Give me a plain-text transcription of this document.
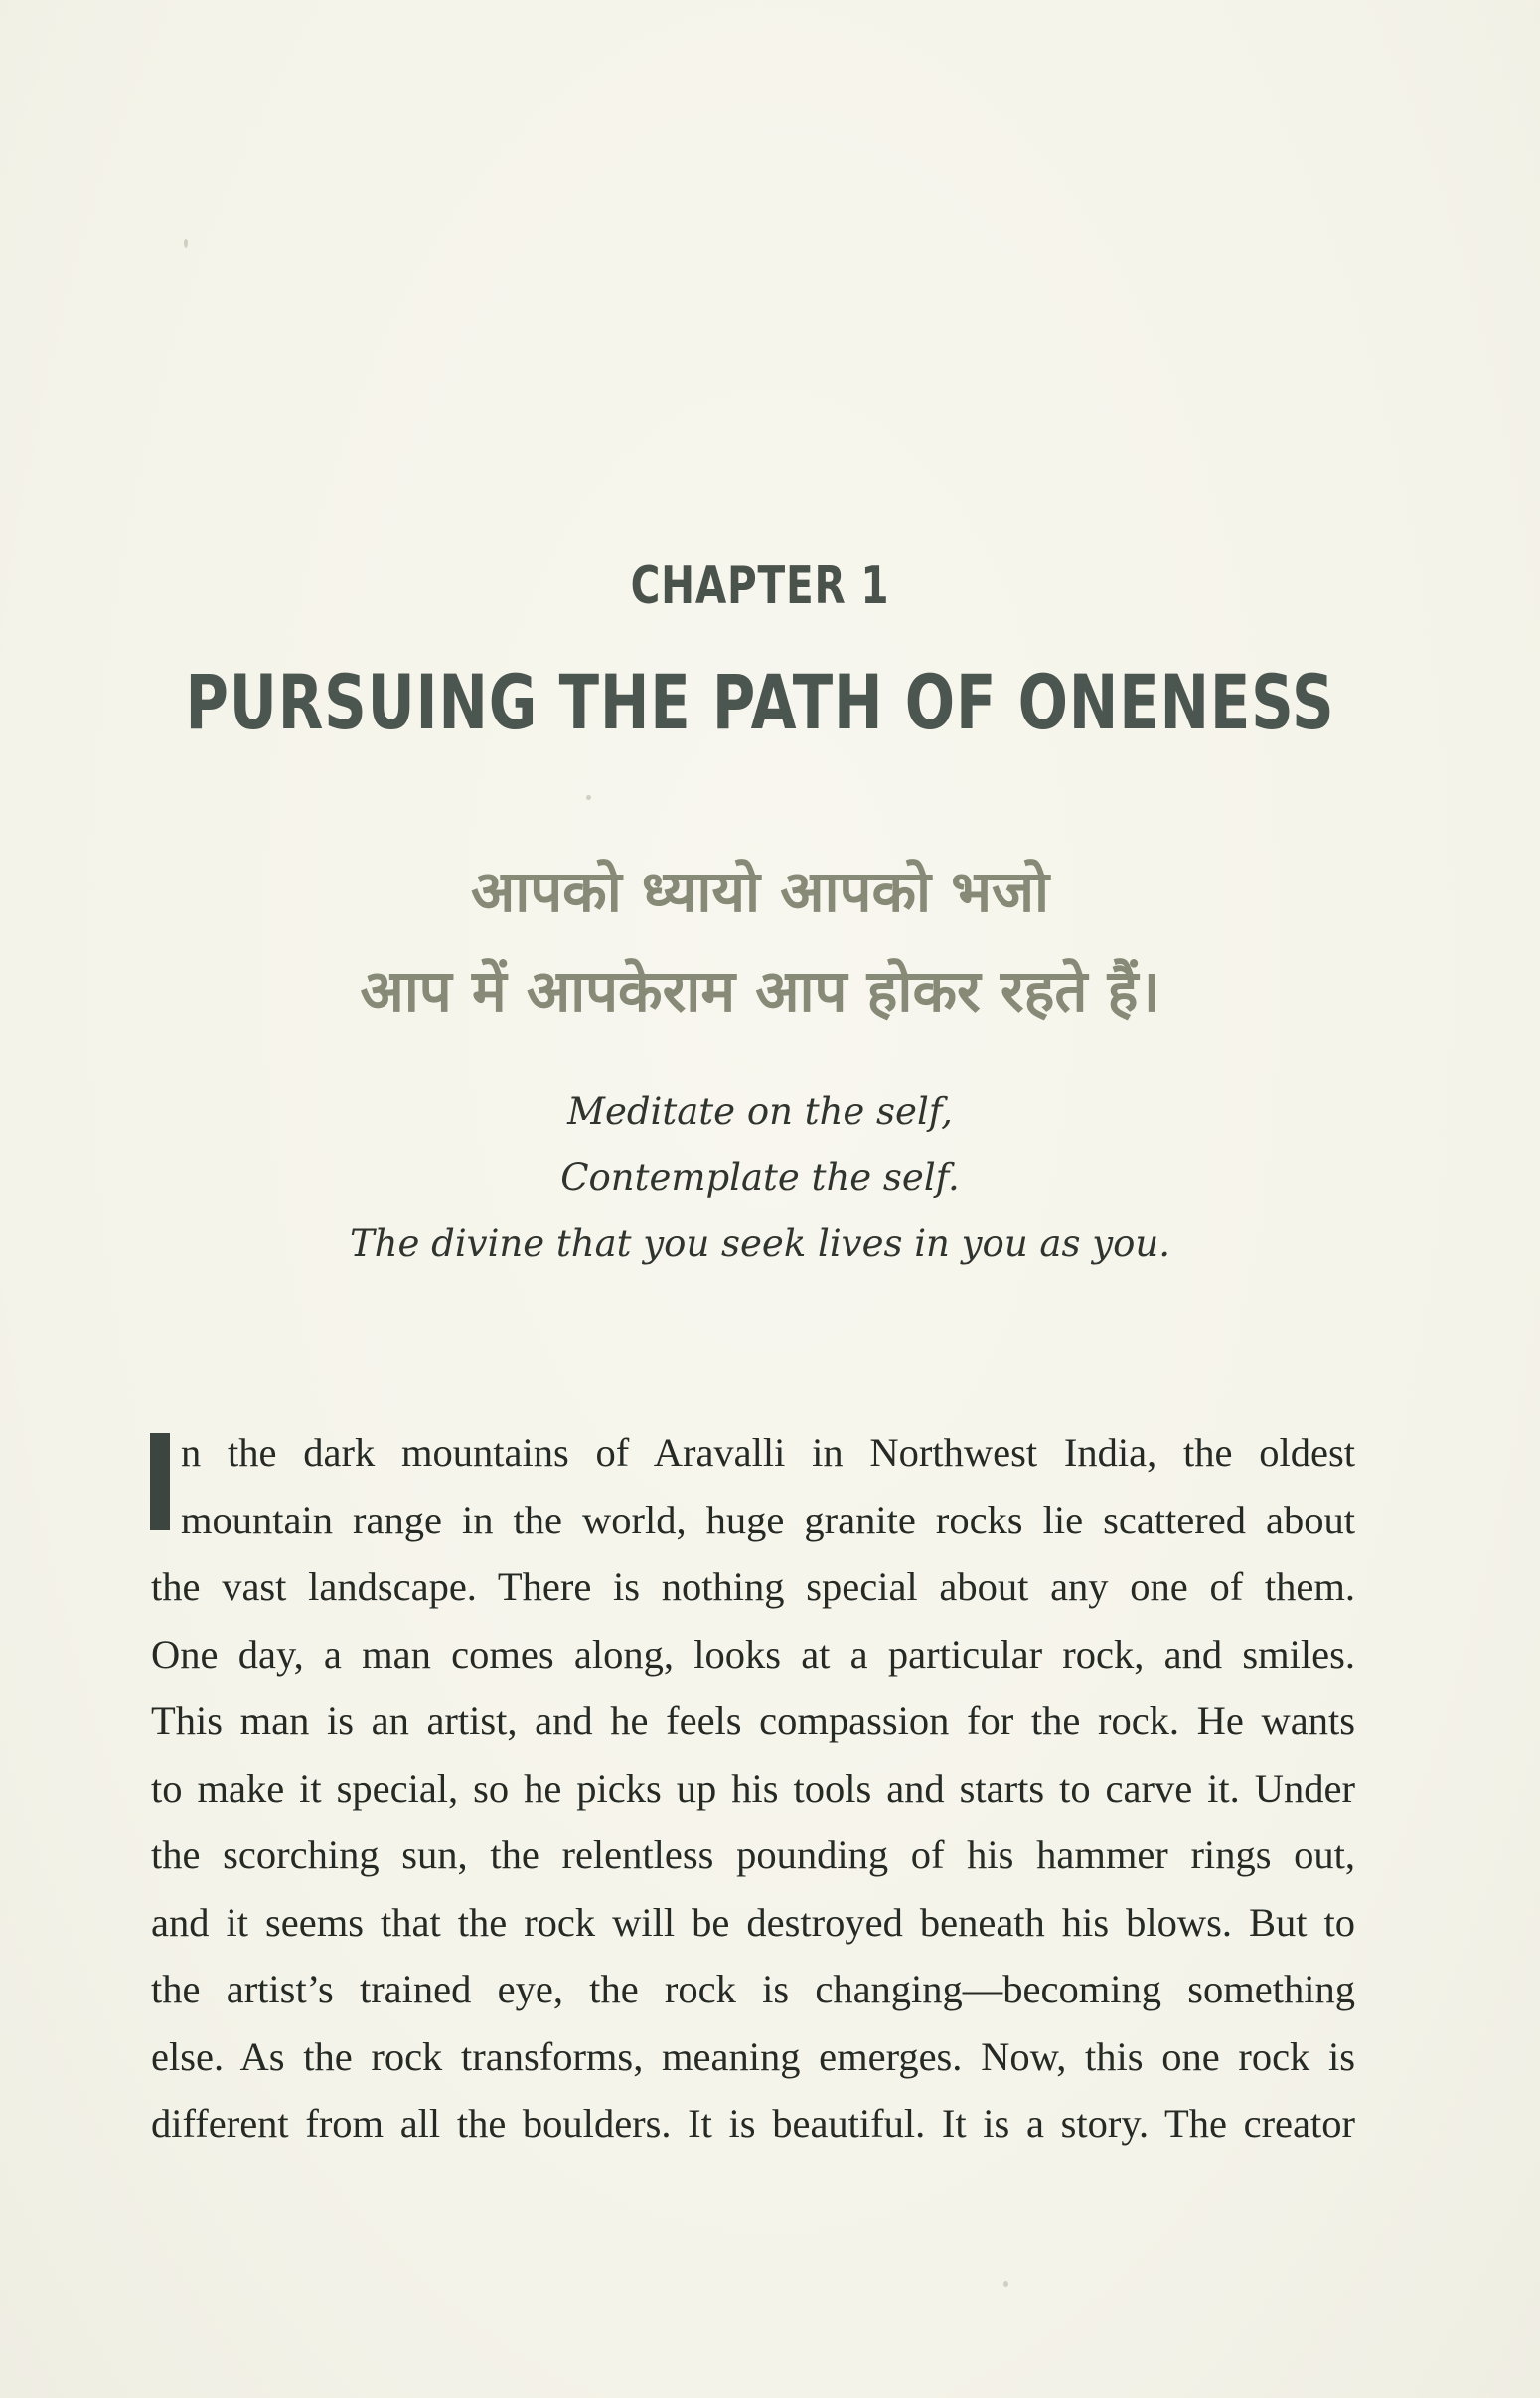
CHAPTER 1
PURSUING THE PATH OF ONENESS
आपको ध्यायो आपको भजो
आप में आपकेराम आप होकर रहते हैं।
Meditate on the self,
Contemplate the self.
The divine that you seek lives in you as you.
n the dark mountains of Aravalli in Northwest India, the oldest
mountain range in the world, huge granite rocks lie scattered about
the vast landscape. There is nothing special about any one of them.
One day, a man comes along, looks at a particular rock, and smiles.
This man is an artist, and he feels compassion for the rock. He wants
to make it special, so he picks up his tools and starts to carve it. Under
the scorching sun, the relentless pounding of his hammer rings out,
and it seems that the rock will be destroyed beneath his blows. But to
the artist’s trained eye, the rock is changing—becoming something
else. As the rock transforms, meaning emerges. Now, this one rock is
different from all the boulders. It is beautiful. It is a story. The creator
